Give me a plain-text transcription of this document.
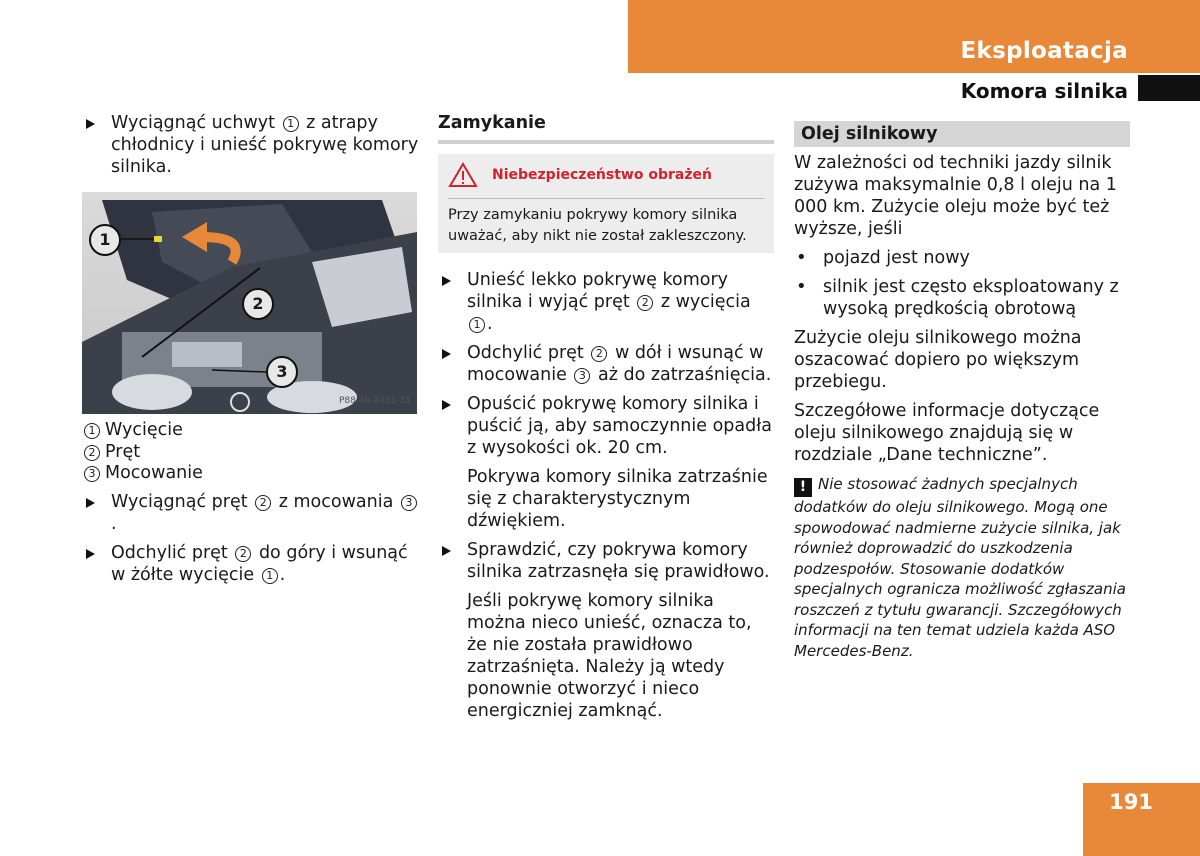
Eksploatacja
Komora silnika
Wyciągnąć uchwyt 1 z atrapy chłodnicy i unieść pokrywę komory silnika.
1
2
3
P88.40-2431-31
1 Wycięcie
2 Pręt
3 Mocowanie
Wyciągnąć pręt 2 z mocowania 3.
Odchylić pręt 2 do góry i wsunąć w żółte wycięcie 1 .
Zamykanie
Niebezpieczeństwo obrażeń
Przy zamykaniu pokrywy komory silnika uważać, aby nikt nie został zakleszczony.
Unieść lekko pokrywę komory silnika i wyjąć pręt 2 z wycięcia 1 .
Odchylić pręt 2 w dół i wsunąć w mocowanie 3 aż do zatrzaśnięcia.
Opuścić pokrywę komory silnika i puścić ją, aby samoczynnie opadła z wysokości ok. 20 cm.
Pokrywa komory silnika zatrzaśnie się z charakterystycznym dźwiękiem.
Sprawdzić, czy pokrywa komory silnika zatrzasnęła się prawidłowo.
Jeśli pokrywę komory silnika można nieco unieść, oznacza to, że nie została prawidłowo zatrzaśnięta. Należy ją wtedy ponownie otworzyć i nieco energiczniej zamknąć.
Olej silnikowy
W zależności od techniki jazdy silnik zużywa maksymalnie 0,8 l oleju na 1 000 km. Zużycie oleju może być też wyższe, jeśli
• pojazd jest nowy
• silnik jest często eksploatowany z wysoką prędkością obrotową
Zużycie oleju silnikowego można oszacować dopiero po większym przebiegu.
Szczegółowe informacje dotyczące oleju silnikowego znajdują się w rozdziale „Dane techniczne”.
! Nie stosować żadnych specjalnych dodatków do oleju silnikowego. Mogą one spowodować nadmierne zużycie silnika, jak również doprowadzić do uszkodzenia podzespołów. Stosowanie dodatków specjalnych ogranicza możliwość zgłaszania roszczeń z tytułu gwarancji. Szczegółowych informacji na ten temat udziela każda ASO Mercedes-Benz.
191
